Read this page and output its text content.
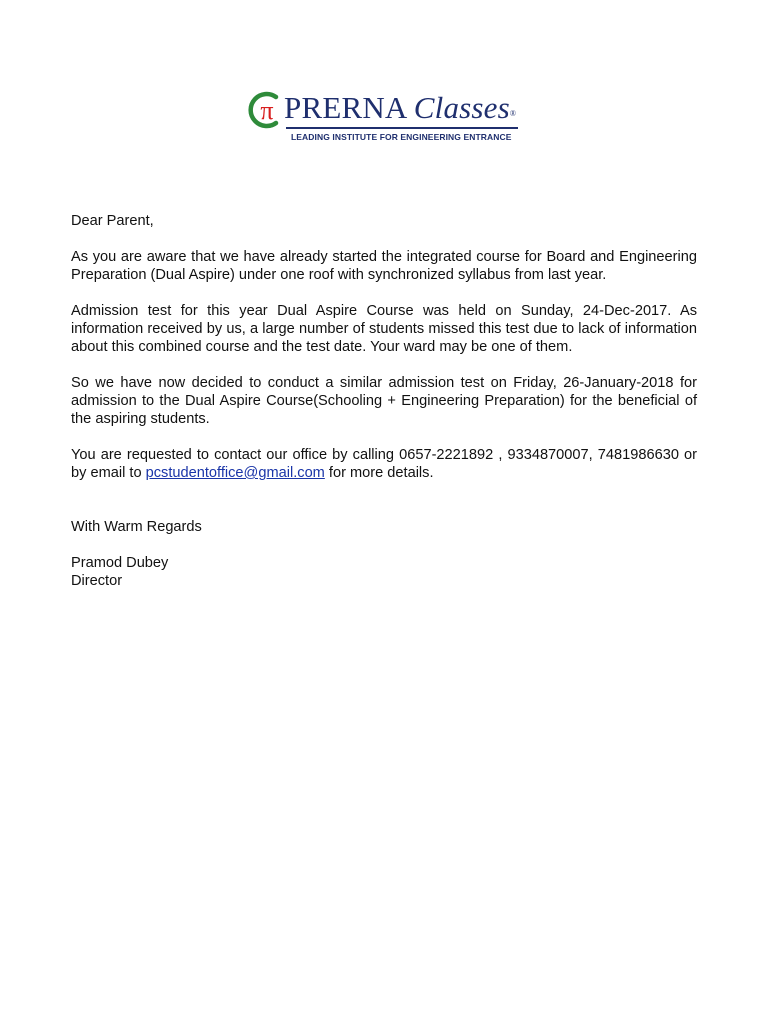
π PRERNA Classes®
LEADING INSTITUTE FOR ENGINEERING ENTRANCE

Dear Parent,

As you are aware that we have already started the integrated course for Board and Engineering Preparation (Dual Aspire) under one roof with synchronized syllabus from last year.

Admission test for this year Dual Aspire Course was held on Sunday, 24-Dec-2017. As information received by us, a large number of students missed this test due to lack of information about this combined course and the test date. Your ward may be one of them.

So we have now decided to conduct a similar admission test on Friday, 26-January-2018 for admission to the Dual Aspire Course(Schooling + Engineering Preparation) for the beneficial of the aspiring students.

You are requested to contact our office by calling 0657-2221892 , 9334870007, 7481986630 or by email to pcstudentoffice@gmail.com for more details.

With Warm Regards

Pramod Dubey

Director
